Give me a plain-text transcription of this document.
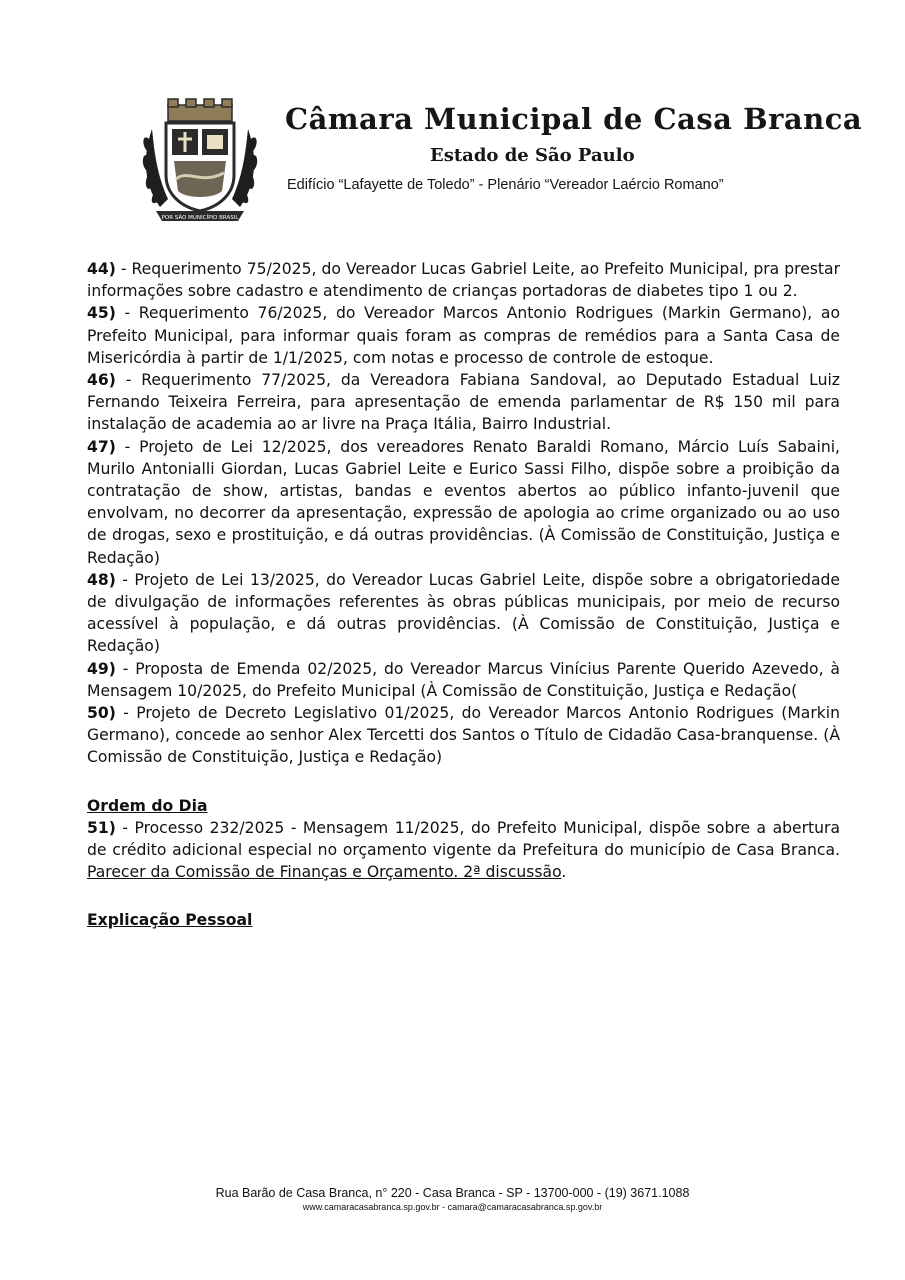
POR SÃO MUNICÍPIO BRASIL
Câmara Municipal de Casa Branca
Estado de São Paulo
Edifício “Lafayette de Toledo” - Plenário “Vereador Laércio Romano”

44) - Requerimento 75/2025, do Vereador Lucas Gabriel Leite, ao Prefeito Municipal, pra prestar informações sobre cadastro e atendimento de crianças portadoras de diabetes tipo 1 ou 2.

45) - Requerimento 76/2025, do Vereador Marcos Antonio Rodrigues (Markin Germano), ao Prefeito Municipal, para informar quais foram as compras de remédios para a Santa Casa de Misericórdia à partir de 1/1/2025, com notas e processo de controle de estoque.

46) - Requerimento 77/2025, da Vereadora Fabiana Sandoval, ao Deputado Estadual Luiz Fernando Teixeira Ferreira, para apresentação de emenda parlamentar de R$ 150 mil para instalação de academia ao ar livre na Praça Itália, Bairro Industrial.

47) - Projeto de Lei 12/2025, dos vereadores Renato Baraldi Romano, Márcio Luís Sabaini, Murilo Antonialli Giordan, Lucas Gabriel Leite e Eurico Sassi Filho, dispõe sobre a proibição da contratação de show, artistas, bandas e eventos abertos ao público infanto-juvenil que envolvam, no decorrer da apresentação, expressão de apologia ao crime organizado ou ao uso de drogas, sexo e prostituição, e dá outras providências. (À Comissão de Constituição, Justiça e Redação)

48) - Projeto de Lei 13/2025, do Vereador Lucas Gabriel Leite, dispõe sobre a obrigatoriedade de divulgação de informações referentes às obras públicas municipais, por meio de recurso acessível à população, e dá outras providências. (À Comissão de Constituição, Justiça e Redação)

49) - Proposta de Emenda 02/2025, do Vereador Marcus Vinícius Parente Querido Azevedo, à Mensagem 10/2025, do Prefeito Municipal (À Comissão de Constituição, Justiça e Redação(

50) - Projeto de Decreto Legislativo 01/2025, do Vereador Marcos Antonio Rodrigues (Markin Germano), concede ao senhor Alex Tercetti dos Santos o Título de Cidadão Casa-branquense. (À Comissão de Constituição, Justiça e Redação)

Ordem do Dia

51) - Processo 232/2025 - Mensagem 11/2025, do Prefeito Municipal, dispõe sobre a abertura de crédito adicional especial no orçamento vigente da Prefeitura do município de Casa Branca. Parecer da Comissão de Finanças e Orçamento. 2ª discussão.

Explicação Pessoal

Rua Barão de Casa Branca, n° 220 - Casa Branca - SP - 13700-000 - (19) 3671.1088
www.camaracasabranca.sp.gov.br - camara@camaracasabranca.sp.gov.br
